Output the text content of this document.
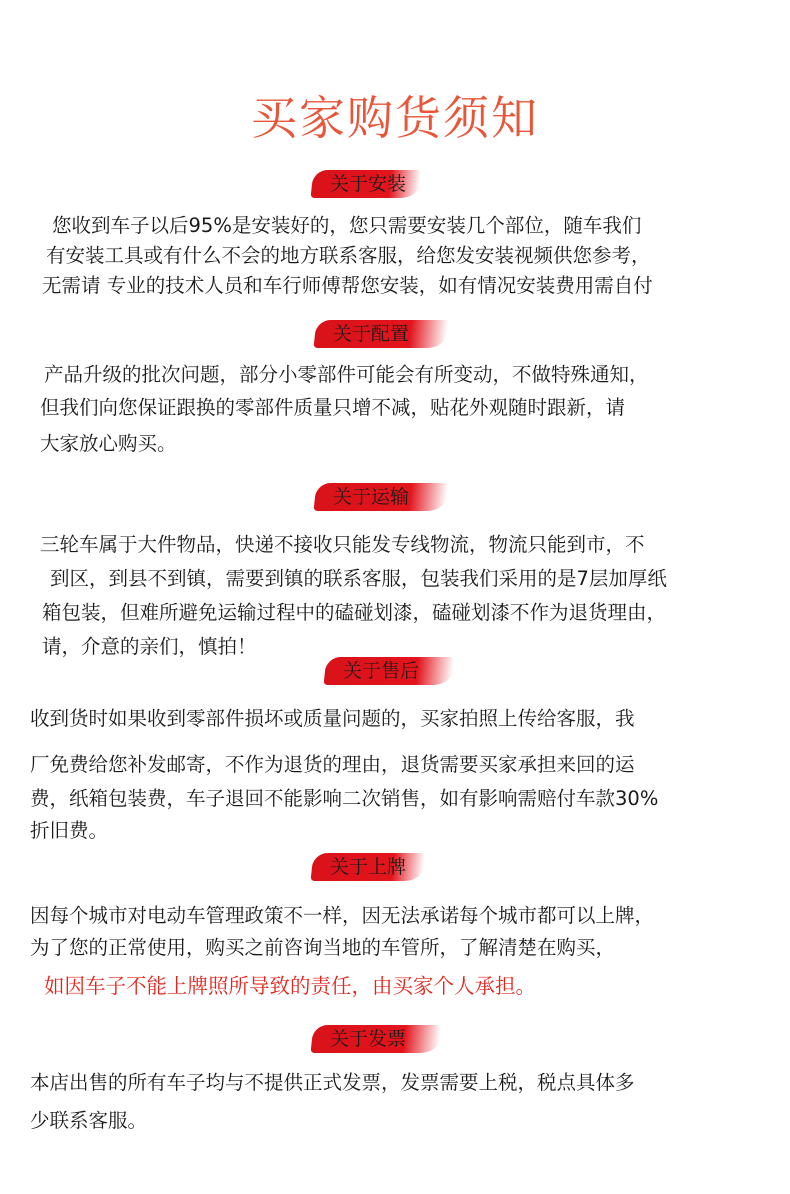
买家购货须知
关于安装
您收到车子以后95%是安装好的，您只需要安装几个部位，随车我们
有安装工具或有什么不会的地方联系客服，给您发安装视频供您参考，
无需请 专业的技术人员和车行师傅帮您安装，如有情况安装费用需自付
关于配置
产品升级的批次问题，部分小零部件可能会有所变动，不做特殊通知，
但我们向您保证跟换的零部件质量只增不减，贴花外观随时跟新，请
大家放心购买。
关于运输
三轮车属于大件物品，快递不接收只能发专线物流，物流只能到市，不
到区，到县不到镇，需要到镇的联系客服，包装我们采用的是7层加厚纸
箱包装，但难所避免运输过程中的磕碰划漆，磕碰划漆不作为退货理由，
请，介意的亲们，慎拍！
关于售后
收到货时如果收到零部件损坏或质量问题的，买家拍照上传给客服，我
厂免费给您补发邮寄，不作为退货的理由，退货需要买家承担来回的运
费，纸箱包装费，车子退回不能影响二次销售，如有影响需赔付车款30%
折旧费。
关于上牌
因每个城市对电动车管理政策不一样，因无法承诺每个城市都可以上牌，
为了您的正常使用，购买之前咨询当地的车管所，了解清楚在购买，
如因车子不能上牌照所导致的责任，由买家个人承担。
关于发票
本店出售的所有车子均与不提供正式发票，发票需要上税，税点具体多
少联系客服。
